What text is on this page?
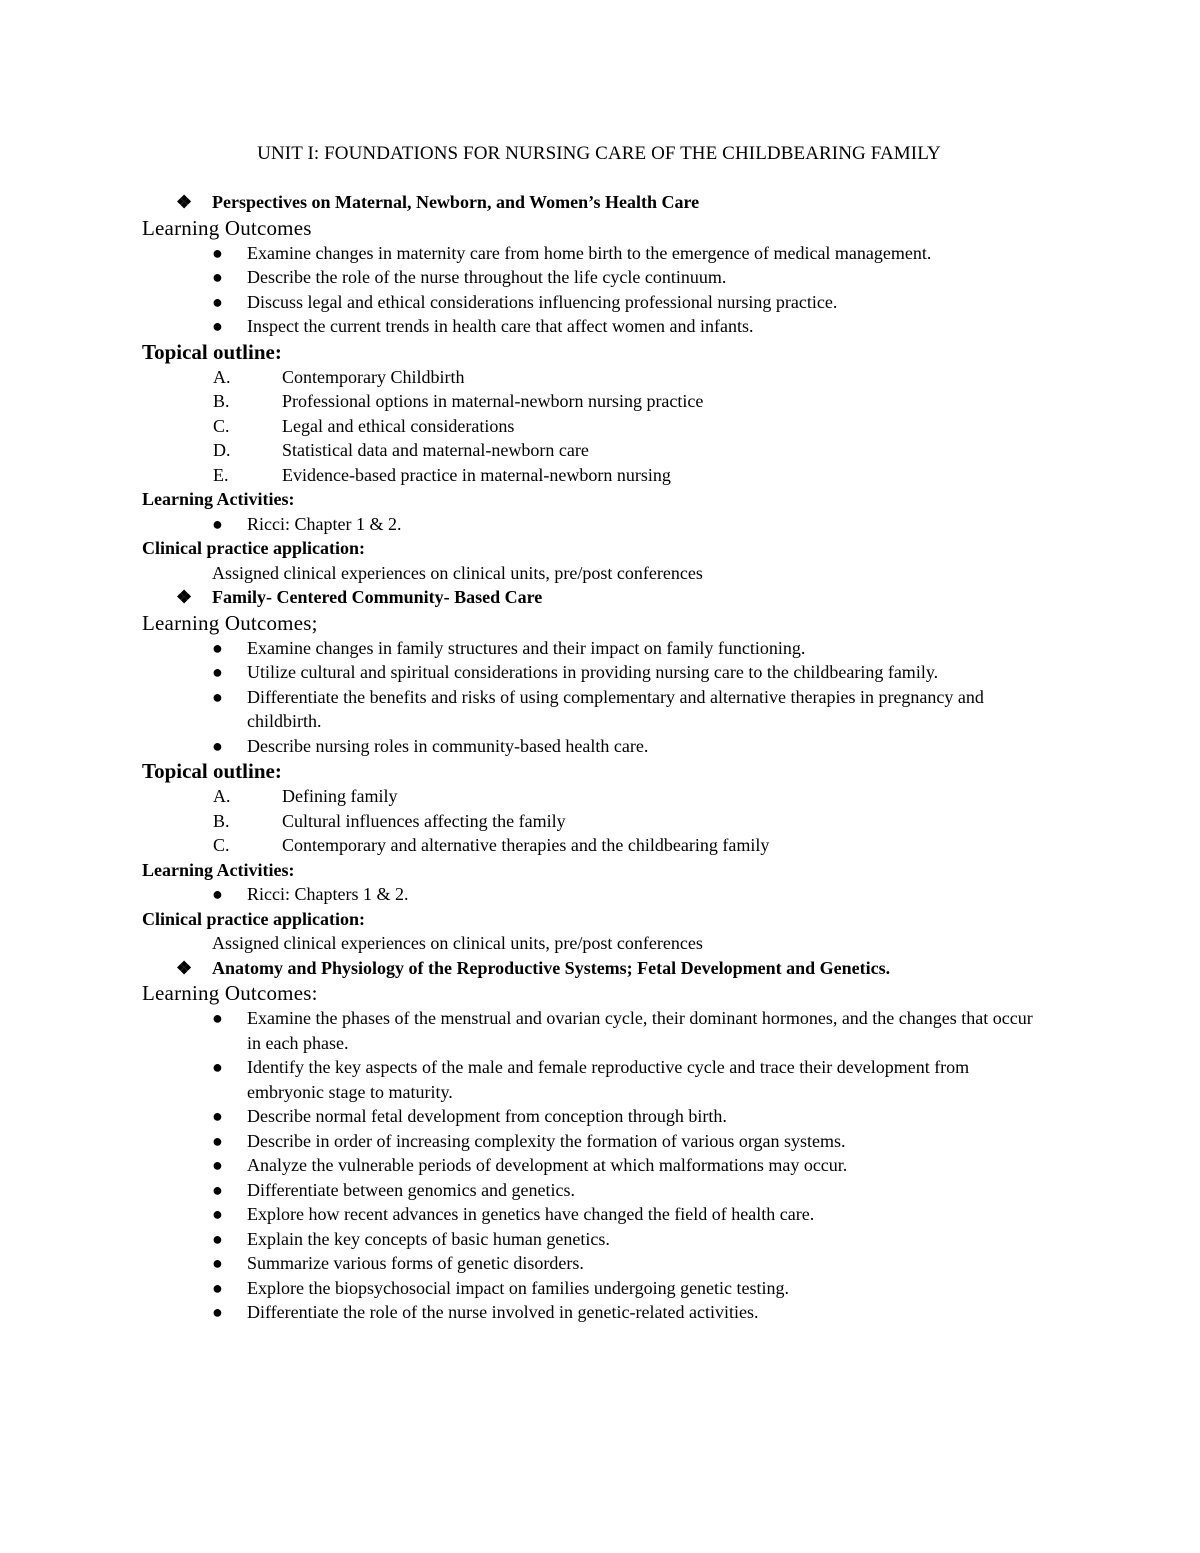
UNIT I: FOUNDATIONS FOR NURSING CARE OF THE CHILDBEARING FAMILY
❖	Perspectives on Maternal, Newborn, and Women’s Health Care
Learning Outcomes
●	Examine changes in maternity care from home birth to the emergence of medical management.
●	Describe the role of the nurse throughout the life cycle continuum.
●	Discuss legal and ethical considerations influencing professional nursing practice.
●	Inspect the current trends in health care that affect women and infants.
Topical outline:
A.	Contemporary Childbirth
B.	Professional options in maternal-newborn nursing practice
C.	Legal and ethical considerations
D.	Statistical data and maternal-newborn care
E.	Evidence-based practice in maternal-newborn nursing
Learning Activities:
●	Ricci: Chapter 1 & 2.
Clinical practice application:
Assigned clinical experiences on clinical units, pre/post conferences
❖	Family- Centered Community- Based Care
Learning Outcomes;
●	Examine changes in family structures and their impact on family functioning.
●	Utilize cultural and spiritual considerations in providing nursing care to the childbearing family.
●	Differentiate the benefits and risks of using complementary and alternative therapies in pregnancy and childbirth.
●	Describe nursing roles in community-based health care.
Topical outline:
A.	Defining family
B.	Cultural influences affecting the family
C.	Contemporary and alternative therapies and the childbearing family
Learning Activities:
●	Ricci: Chapters 1 & 2.
Clinical practice application:
Assigned clinical experiences on clinical units, pre/post conferences
❖	Anatomy and Physiology of the Reproductive Systems; Fetal Development and Genetics.
Learning Outcomes:
●	Examine the phases of the menstrual and ovarian cycle, their dominant hormones, and the changes that occur in each phase.
●	Identify the key aspects of the male and female reproductive cycle and trace their development from embryonic stage to maturity.
●	Describe normal fetal development from conception through birth.
●	Describe in order of increasing complexity the formation of various organ systems.
●	Analyze the vulnerable periods of development at which malformations may occur.
●	Differentiate between genomics and genetics.
●	Explore how recent advances in genetics have changed the field of health care.
●	Explain the key concepts of basic human genetics.
●	Summarize various forms of genetic disorders.
●	Explore the biopsychosocial impact on families undergoing genetic testing.
●	Differentiate the role of the nurse involved in genetic-related activities.
